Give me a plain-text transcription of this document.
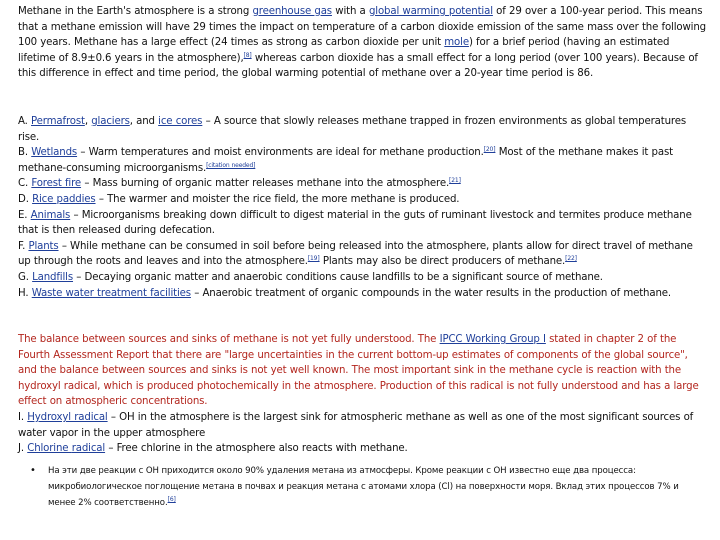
Methane in the Earth's atmosphere is a strong greenhouse gas with a global warming potential of 29 over a 100-year period. This means that a methane emission will have 29 times the impact on temperature of a carbon dioxide emission of the same mass over the following 100 years. Methane has a large effect (24 times as strong as carbon dioxide per unit mole) for a brief period (having an estimated lifetime of 8.9±0.6 years in the atmosphere),[8] whereas carbon dioxide has a small effect for a long period (over 100 years). Because of this difference in effect and time period, the global warming potential of methane over a 20-year time period is 86.

A. Permafrost, glaciers, and ice cores – A source that slowly releases methane trapped in frozen environments as global temperatures rise.
B. Wetlands – Warm temperatures and moist environments are ideal for methane production.[20] Most of the methane makes it past methane-consuming microorganisms.[citation needed]
C. Forest fire – Mass burning of organic matter releases methane into the atmosphere.[21]
D. Rice paddies – The warmer and moister the rice field, the more methane is produced.
E. Animals – Microorganisms breaking down difficult to digest material in the guts of ruminant livestock and termites produce methane that is then released during defecation.
F. Plants – While methane can be consumed in soil before being released into the atmosphere, plants allow for direct travel of methane up through the roots and leaves and into the atmosphere.[19] Plants may also be direct producers of methane.[22]
G. Landfills – Decaying organic matter and anaerobic conditions cause landfills to be a significant source of methane.
H. Waste water treatment facilities – Anaerobic treatment of organic compounds in the water results in the production of methane.
The balance between sources and sinks of methane is not yet fully understood. The IPCC Working Group I stated in chapter 2 of the Fourth Assessment Report that there are "large uncertainties in the current bottom-up estimates of components of the global source", and the balance between sources and sinks is not yet well known. The most important sink in the methane cycle is reaction with the hydroxyl radical, which is produced photochemically in the atmosphere. Production of this radical is not fully understood and has a large effect on atmospheric concentrations.
I. Hydroxyl radical – OH in the atmosphere is the largest sink for atmospheric methane as well as one of the most significant sources of water vapor in the upper atmosphere
J. Chlorine radical – Free chlorine in the atmosphere also reacts with methane.
•	На эти две реакции с OH приходится около 90% удаления метана из атмосферы. Кроме реакции с OH известно еще два процесса: микробиологическое поглощение метана в почвах и реакция метана с атомами хлора (Cl) на поверхности моря. Вклад этих процессов 7% и менее 2% соответственно.[6]
